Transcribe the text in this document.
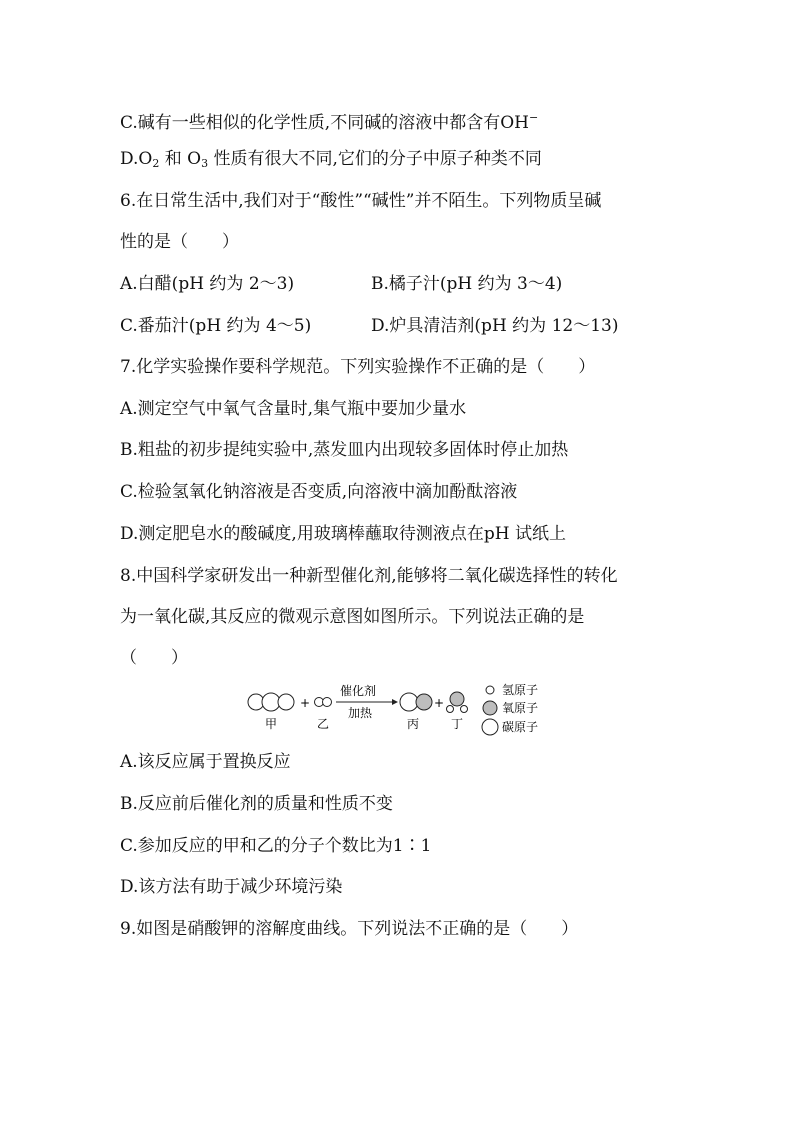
C.碱有一些相似的化学性质,不同碱的溶液中都含有OH−
$D.O_2$ 和 $O_3$ 性质有很大不同,它们的分子中原子种类不同
6.在日常生活中,我们对于“酸性”“碱性”并不陌生。下列物质呈碱
性的是（　　）
A.白醋(pH 约为 2～3)	B.橘子汁(pH 约为 3～4)
C.番茄汁(pH 约为 4～5)	D.炉具清洁剂(pH 约为 12～13)
7.化学实验操作要科学规范。下列实验操作不正确的是（　　）
A.测定空气中氧气含量时,集气瓶中要加少量水
B.粗盐的初步提纯实验中,蒸发皿内出现较多固体时停止加热
C.检验氢氧化钠溶液是否变质,向溶液中滴加酚酞溶液
D.测定肥皂水的酸碱度,用玻璃棒蘸取待测液点在pH 试纸上
8.中国科学家研发出一种新型催化剂,能够将二氧化碳选择性的转化
为一氧化碳,其反应的微观示意图如图所示。下列说法正确的是
（　　）
甲
+
乙
催化剂
加热
丙
+
丁
氢原子
氧原子
碳原子
A.该反应属于置换反应
B.反应前后催化剂的质量和性质不变
C.参加反应的甲和乙的分子个数比为1∶1
D.该方法有助于减少环境污染
9.如图是硝酸钾的溶解度曲线。下列说法不正确的是（　　）
